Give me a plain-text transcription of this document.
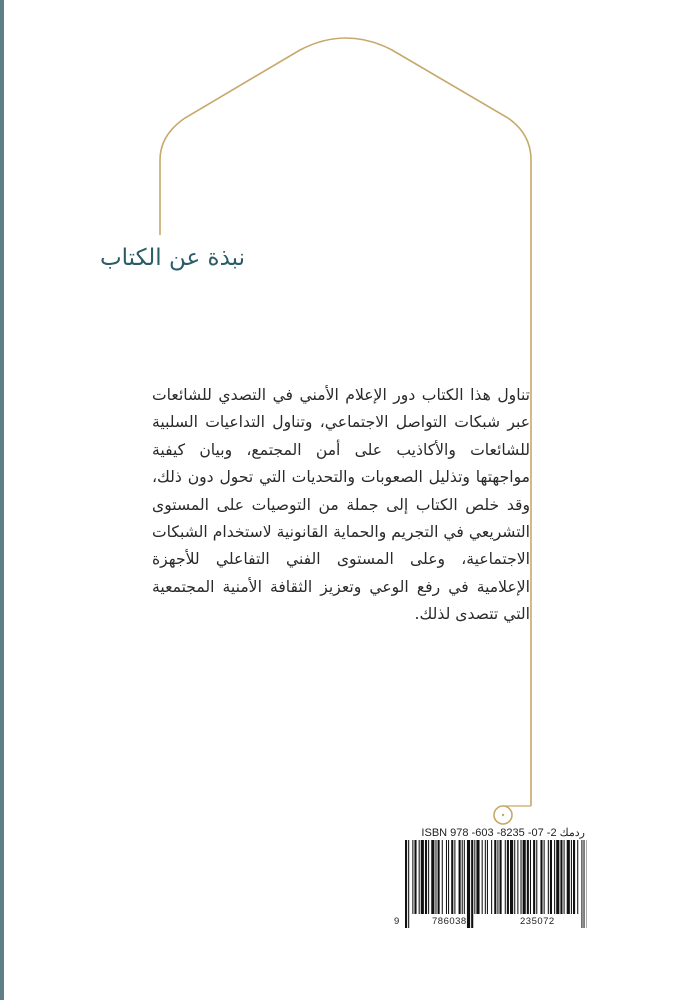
نبذة عن الكتاب
تناول هذا الكتاب دور الإعلام الأمني في التصدي للشائعات عبر شبكات التواصل الاجتماعي، وتناول التداعيات السلبية للشائعات والأكاذيب على أمن المجتمع، وبيان كيفية مواجهتها وتذليل الصعوبات والتحديات التي تحول دون ذلك، وقد خلص الكتاب إلى جملة من التوصيات على المستوى التشريعي في التجريم والحماية القانونية لاستخدام الشبكات الاجتماعية، وعلى المستوى الفني التفاعلي للأجهزة الإعلامية في رفع الوعي وتعزيز الثقافة الأمنية المجتمعية التي تتصدى لذلك.
ISBN 978 -603 -8235 -07 -2 ردمك
9	786038	235072
